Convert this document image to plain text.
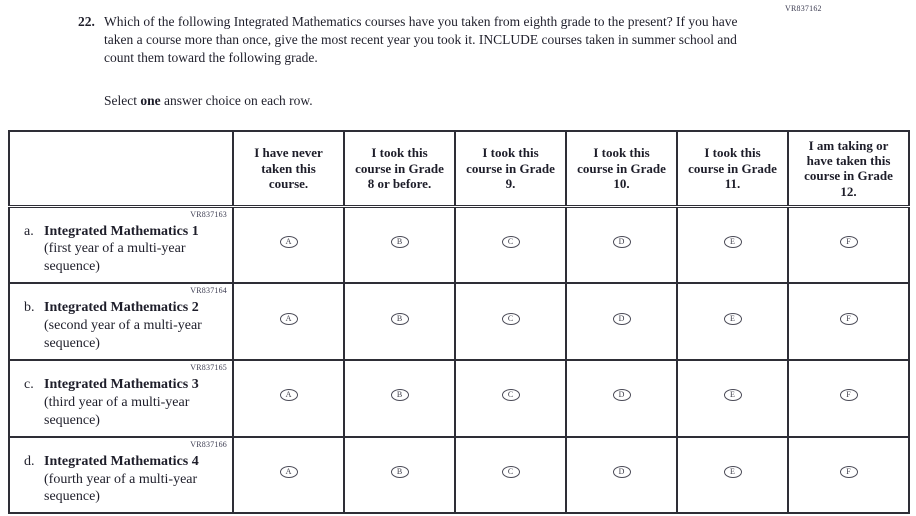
VR837162
22. Which of the following Integrated Mathematics courses have you taken from eighth grade to the present? If you have taken a course more than once, give the most recent year you took it. INCLUDE courses taken in summer school and count them toward the following grade.
Select one answer choice on each row.
	I have never taken this course.	I took this course in Grade 8 or before.	I took this course in Grade 9.	I took this course in Grade 10.	I took this course in Grade 11.	I am taking or have taken this course in Grade 12.

VR837163
a. Integrated Mathematics 1
(first year of a multi-year sequence)	A	B	C	D	E	F

VR837164
b. Integrated Mathematics 2
(second year of a multi-year sequence)	A	B	C	D	E	F

VR837165
c. Integrated Mathematics 3
(third year of a multi-year sequence)	A	B	C	D	E	F

VR837166
d. Integrated Mathematics 4
(fourth year of a multi-year sequence)	A	B	C	D	E	F
